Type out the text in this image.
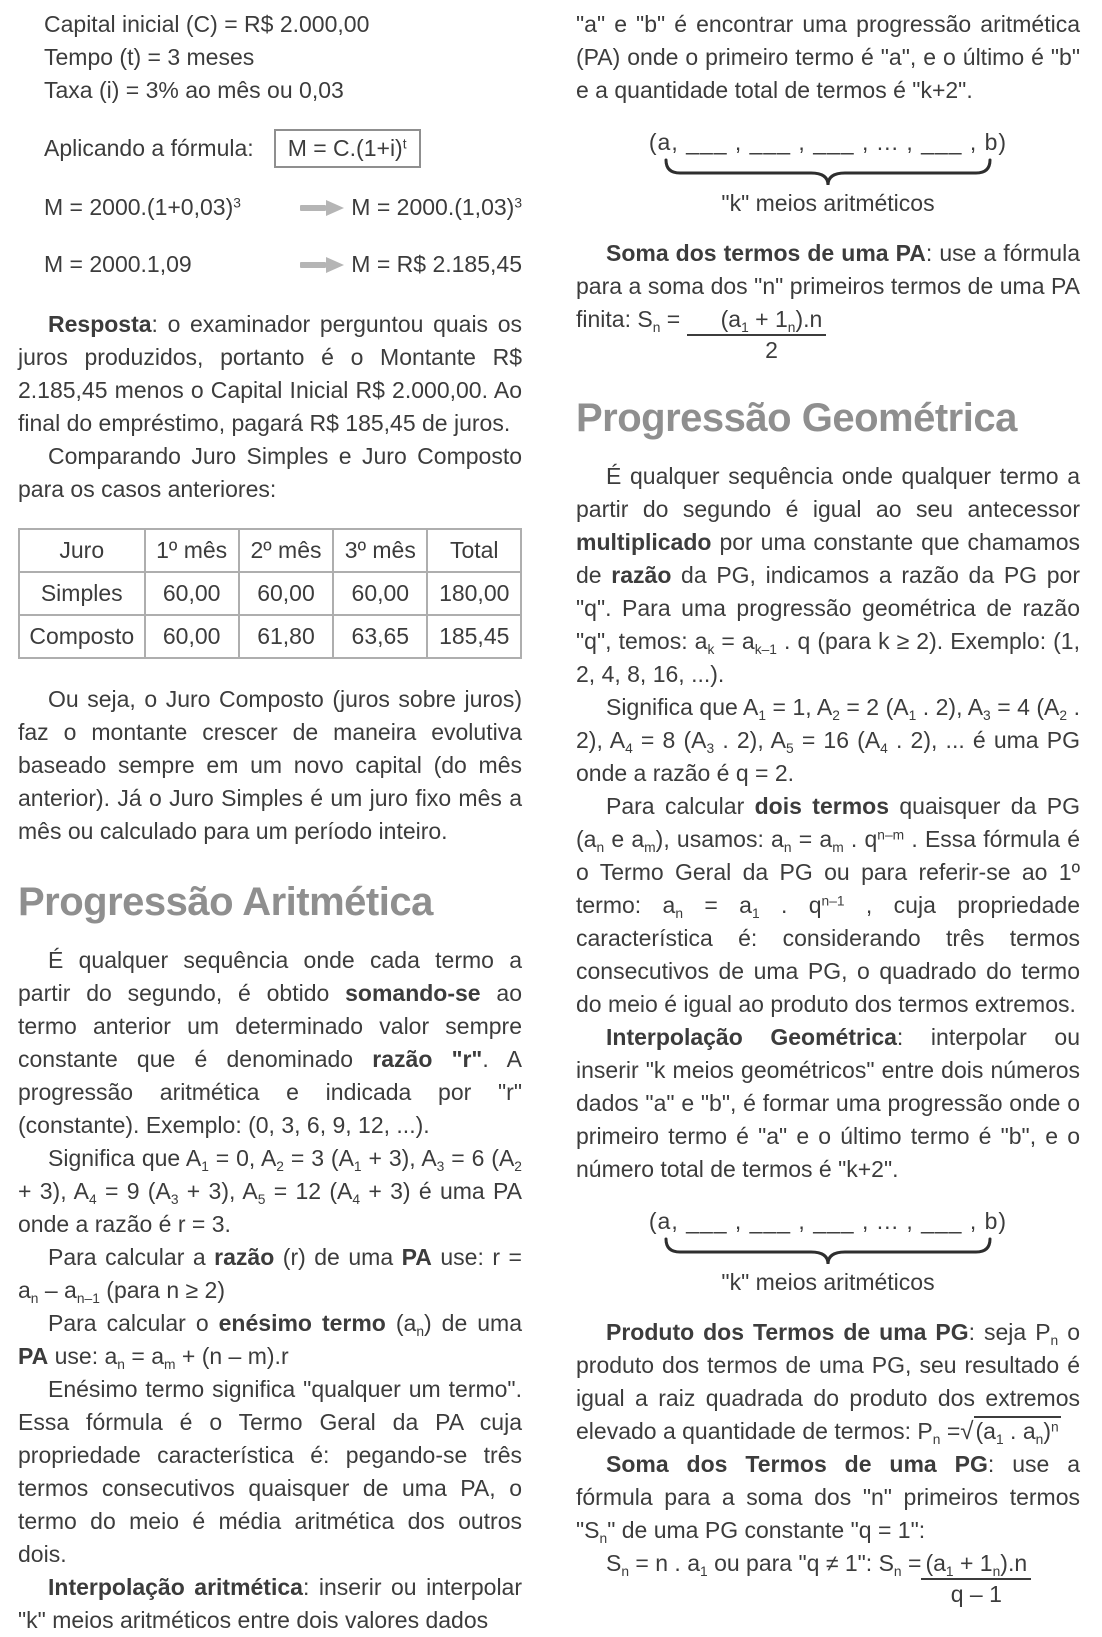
Capital inicial (C) = R$ 2.000,00

Tempo (t) = 3 meses

Taxa (i) = 3% ao mês ou 0,03

Aplicando a fórmula:	$M = C.(1+i)^t$
$M = 2000.(1+0,03)^3$	$M = 2000.(1,03)^3$
M = 2000.1,09	M = R$ 2.185,45

Resposta: o examinador perguntou quais os juros produzidos, portanto é o Montante R$ 2.185,45 menos o Capital Inicial R$ 2.000,00. Ao final do empréstimo, pagará R$ 185,45 de juros.

Comparando Juro Simples e Juro Composto para os casos anteriores:

Juro	1º mês	2º mês	3º mês	Total
Simples	60,00	60,00	60,00	180,00
Composto	60,00	61,80	63,65	185,45

Ou seja, o Juro Composto (juros sobre juros) faz o montante crescer de maneira evolutiva baseado sempre em um novo capital (do mês anterior). Já o Juro Simples é um juro fixo mês a mês ou calculado para um período inteiro.

Progressão Aritmética

É qualquer sequência onde cada termo a partir do segundo, é obtido somando-se ao termo anterior um determinado valor sempre constante que é denominado razão "r". A progressão aritmética e indicada por "r" (constante). Exemplo: (0, 3, 6, 9, 12, ...).

Significa que $A_1 = 0$, $A_2 = 3$ $(A_1 + 3)$, $A_3 = 6$ $(A_2 + 3)$, $A_4 = 9$ $(A_3 + 3)$, $A_5 = 12$ $(A_4 + 3)$ é uma PA onde a razão é r = 3.

Para calcular a razão (r) de uma PA use: $r = a_n - a_{n-1}$ (para n ≥ 2)

Para calcular o enésimo termo $(a_n)$ de uma PA use: $a_n = a_m + (n - m).r$

Enésimo termo significa "qualquer um termo". Essa fórmula é o Termo Geral da PA cuja propriedade característica é: pegando-se três termos consecutivos quaisquer de uma PA, o termo do meio é média aritmética dos outros dois.

Interpolação aritmética: inserir ou interpolar "k" meios aritméticos entre dois valores dados

"a" e "b" é encontrar uma progressão aritmética (PA) onde o primeiro termo é "a", e o último é "b" e a quantidade total de termos é "k+2".

(a, ___ , ___ , ___ , ... , ___ , b)
"k" meios aritméticos

Soma dos termos de uma PA: use a fórmula para a soma dos "n" primeiros termos de uma PA finita: $S_n = \frac{(a_1 + 1_n).n}{2}$

Progressão Geométrica

É qualquer sequência onde qualquer termo a partir do segundo é igual ao seu antecessor multiplicado por uma constante que chamamos de razão da PG, indicamos a razão da PG por "q". Para uma progressão geométrica de razão "q", temos: $a_k = a_{k-1}$ . q (para k ≥ 2). Exemplo: (1, 2, 4, 8, 16, ...).

Significa que $A_1 = 1$, $A_2 = 2$ ($A_1$ . 2), $A_3 = 4$ ($A_2$ . 2), $A_4 = 8$ ($A_3$ . 2), $A_5 = 16$ ($A_4$ . 2), ... é uma PG onde a razão é q = 2.

Para calcular dois termos quaisquer da PG ($a_n$ e $a_m$), usamos: $a_n = a_m$ . $q^{n-m}$ . Essa fórmula é o Termo Geral da PG ou para referir-se ao 1º termo: $a_n = a_1$ . $q^{n-1}$ , cuja propriedade característica é: considerando três termos consecutivos de uma PG, o quadrado do termo do meio é igual ao produto dos termos extremos.

Interpolação Geométrica: interpolar ou inserir "k meios geométricos" entre dois números dados "a" e "b", é formar uma progressão onde o primeiro termo é "a" e o último termo é "b", e o número total de termos é "k+2".

(a, ___ , ___ , ___ , ... , ___ , b)
"k" meios aritméticos

Produto dos Termos de uma PG: seja $P_n$ o produto dos termos de uma PG, seu resultado é igual a raiz quadrada do produto dos extremos elevado a quantidade de termos: $P_n =√(a_1$ . $a_n)^n$

Soma dos Termos de uma PG: use a fórmula para a soma dos "n" primeiros termos "$S_n$" de uma PG constante "q = 1":

$S_n = n$ . $a_1$ ou para "q ≠ 1": $S_n = \frac{(a_1 + 1_n).n}{q - 1}$
